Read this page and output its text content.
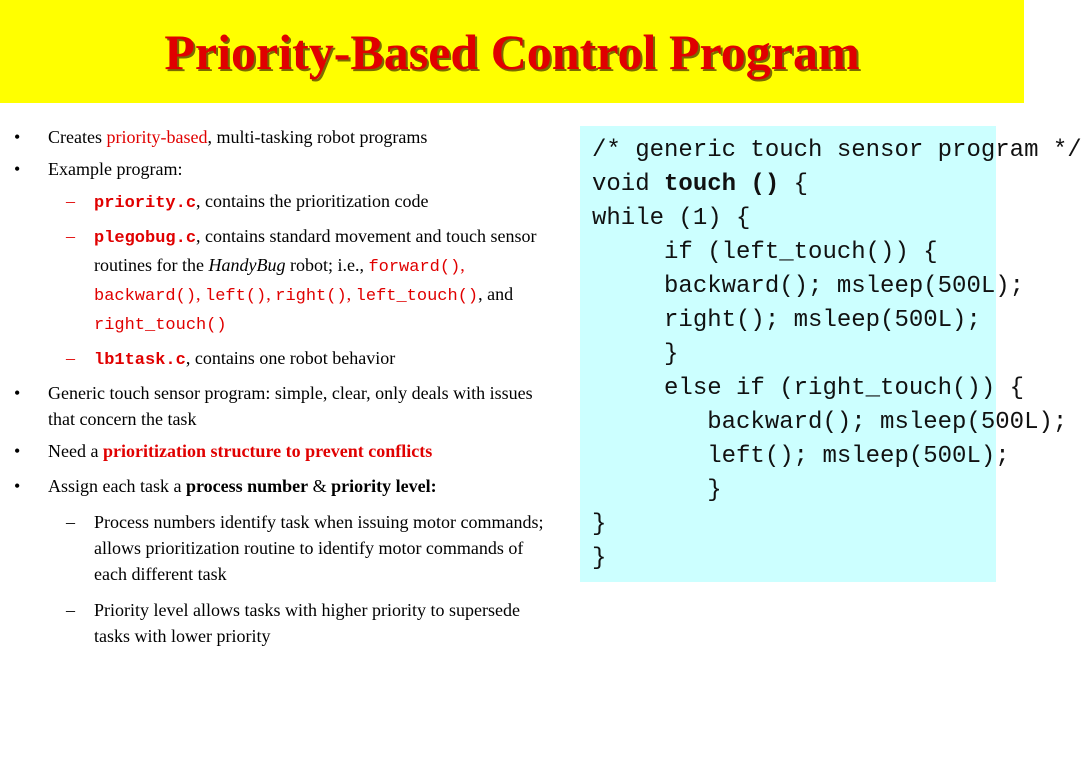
Priority-Based Control Program
• Creates priority-based, multi-tasking robot programs
• Example program:
– priority.c, contains the prioritization code
– plegobug.c, contains standard movement and touch sensor routines for the HandyBug robot; i.e., forward(), backward(), left(), right(), left_touch(), and right_touch()
– lb1task.c, contains one robot behavior
• Generic touch sensor program: simple, clear, only deals with issues that concern the task
• Need a prioritization structure to prevent conflicts
• Assign each task a process number & priority level:
– Process numbers identify task when issuing motor commands; allows prioritization routine to identify motor commands of each different task
– Priority level allows tasks with higher priority to supersede tasks with lower priority
/* generic touch sensor program */
void touch () {
while (1) {
if (left_touch()) {
backward(); msleep(500L);
right(); msleep(500L);
}
else if (right_touch()) {
backward(); msleep(500L);
left(); msleep(500L);
}
}
}
